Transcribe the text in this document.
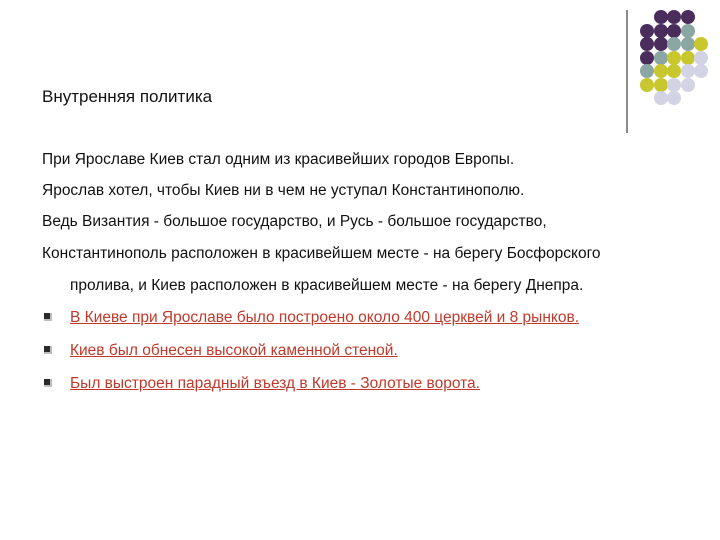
Внутренняя политика
При Ярославе Киев стал одним из красивейших городов Европы.
Ярослав хотел, чтобы Киев ни в чем не уступал Константинополю.
Ведь Византия - большое государство, и Русь - большое государство,
Константинополь расположен в красивейшем месте - на берегу Босфорского
пролива, и Киев расположен в красивейшем месте - на берегу Днепра.
В Киеве при Ярославе было построено около 400 церквей и 8 рынков.
Киев был обнесен высокой каменной стеной.
Был выстроен парадный въезд в Киев - Золотые ворота.
